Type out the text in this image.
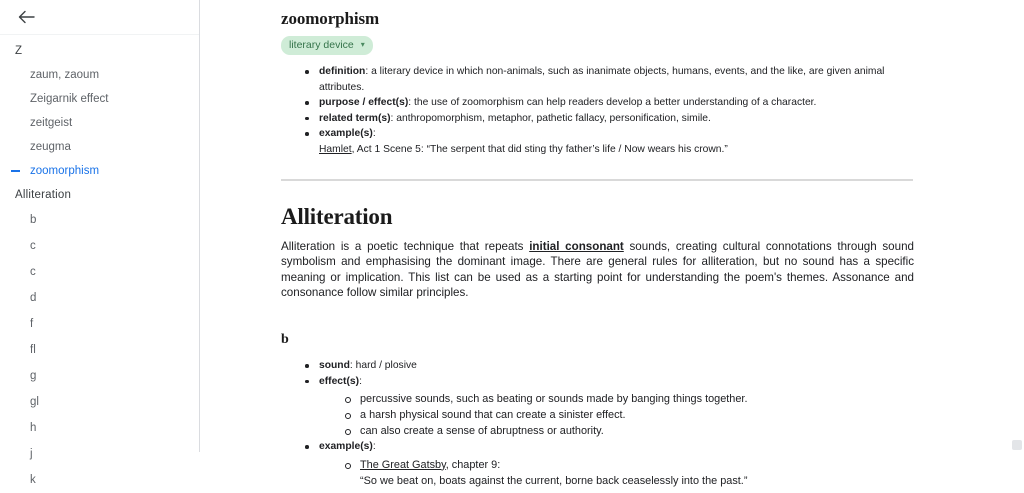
Z
zaum, zaoum
Zeigarnik effect
zeitgeist
zeugma
zoomorphism
Alliteration
b
c
c
d
f
fl
g
gl
h
j
k
zoomorphism
literary device ▾
definition: a literary device in which non-animals, such as inanimate objects, humans, events, and the like, are given animal attributes.
purpose / effect(s): the use of zoomorphism can help readers develop a better understanding of a character.
related term(s): anthropomorphism, metaphor, pathetic fallacy, personification, simile.
example(s):
Hamlet, Act 1 Scene 5: “The serpent that did sting thy father’s life / Now wears his crown.”
Alliteration

Alliteration is a poetic technique that repeats initial consonant sounds, creating cultural connotations through sound symbolism and emphasising the dominant image. There are general rules for alliteration, but no sound has a specific meaning or implication. This list can be used as a starting point for understanding the poem's themes. Assonance and consonance follow similar principles.

b
sound: hard / plosive
effect(s):
percussive sounds, such as beating or sounds made by banging things together.
a harsh physical sound that can create a sinister effect.
can also create a sense of abruptness or authority.
example(s):
The Great Gatsby, chapter 9:
“So we beat on, boats against the current, borne back ceaselessly into the past.”
